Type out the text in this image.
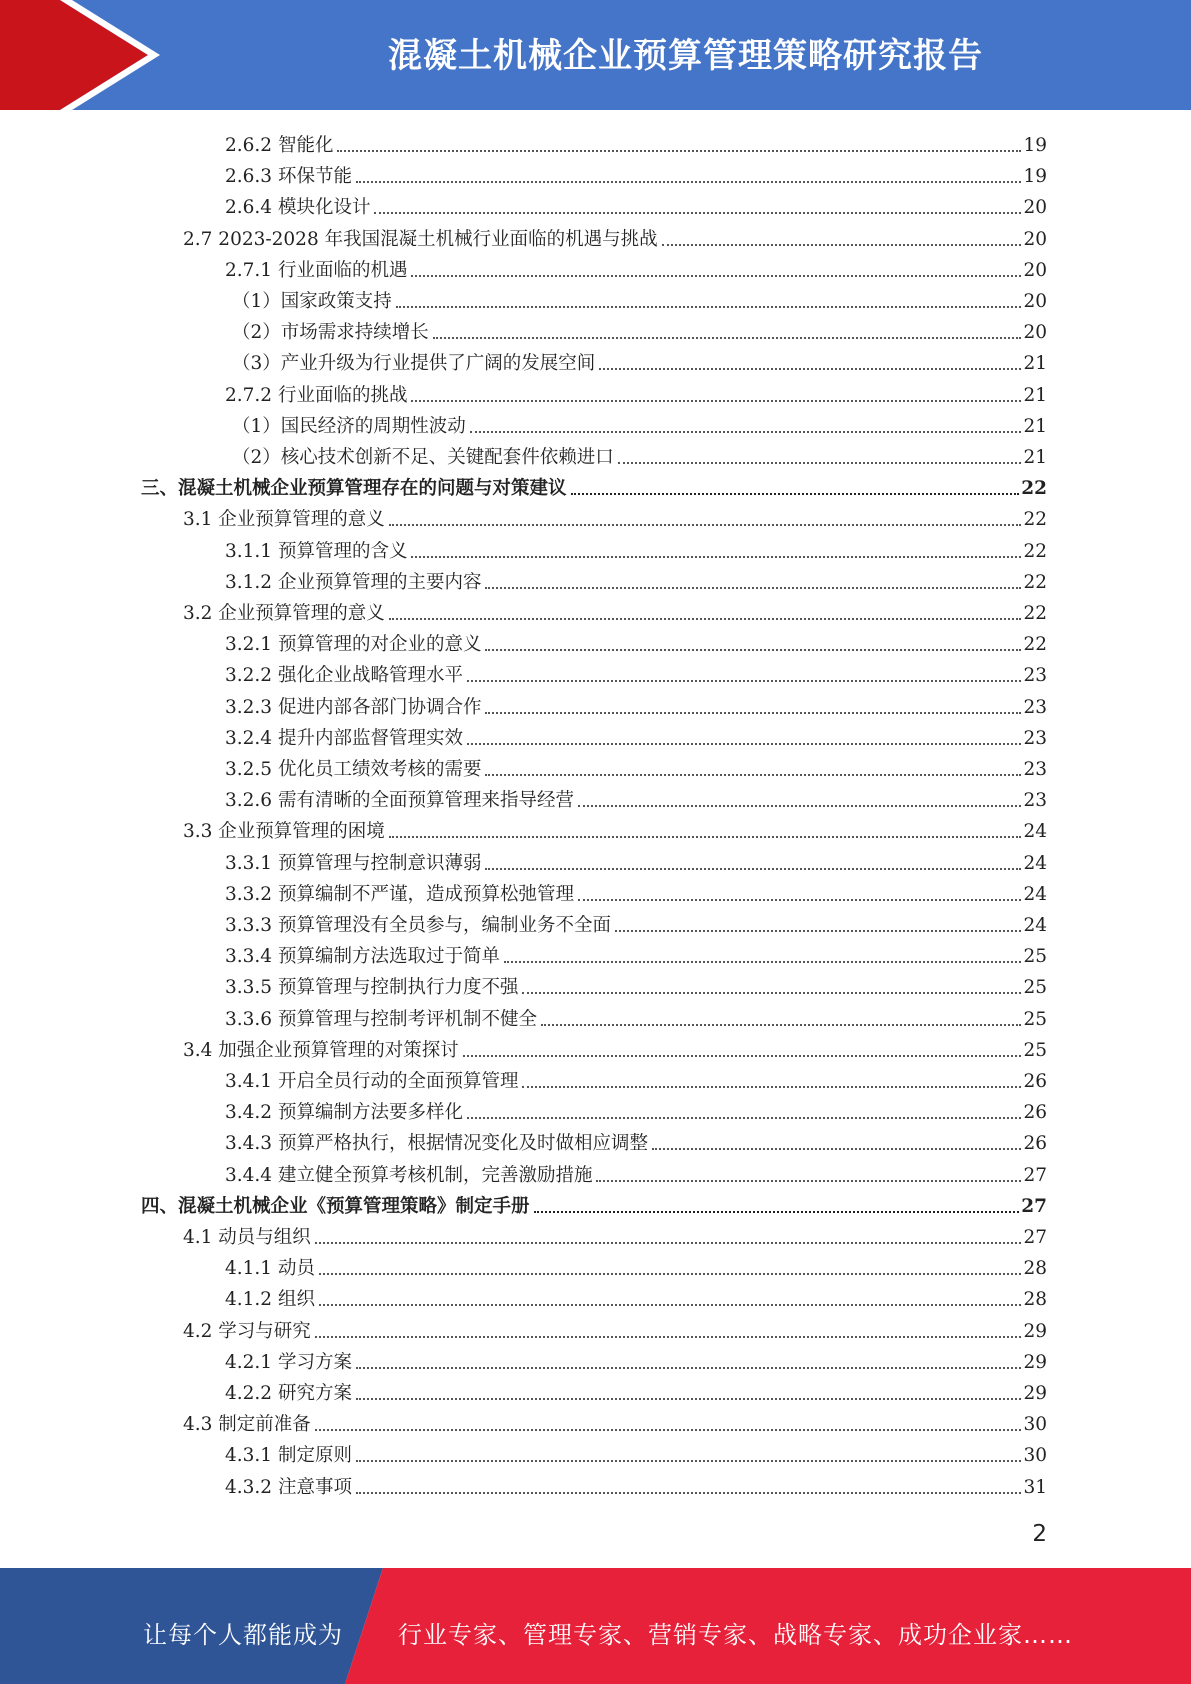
混凝土机械企业预算管理策略研究报告
2.6.2 智能化	19
2.6.3 环保节能	19
2.6.4 模块化设计	20
2.7 2023-2028 年我国混凝土机械行业面临的机遇与挑战	20
2.7.1 行业面临的机遇	20
（1）国家政策支持	20
（2）市场需求持续增长	20
（3）产业升级为行业提供了广阔的发展空间	21
2.7.2 行业面临的挑战	21
（1）国民经济的周期性波动	21
（2）核心技术创新不足、关键配套件依赖进口	21
三、混凝土机械企业预算管理存在的问题与对策建议	22
3.1 企业预算管理的意义	22
3.1.1 预算管理的含义	22
3.1.2 企业预算管理的主要内容	22
3.2 企业预算管理的意义	22
3.2.1 预算管理的对企业的意义	22
3.2.2 强化企业战略管理水平	23
3.2.3 促进内部各部门协调合作	23
3.2.4 提升内部监督管理实效	23
3.2.5 优化员工绩效考核的需要	23
3.2.6 需有清晰的全面预算管理来指导经营	23
3.3 企业预算管理的困境	24
3.3.1 预算管理与控制意识薄弱	24
3.3.2 预算编制不严谨，造成预算松弛管理	24
3.3.3 预算管理没有全员参与，编制业务不全面	24
3.3.4 预算编制方法选取过于简单	25
3.3.5 预算管理与控制执行力度不强	25
3.3.6 预算管理与控制考评机制不健全	25
3.4 加强企业预算管理的对策探讨	25
3.4.1 开启全员行动的全面预算管理	26
3.4.2 预算编制方法要多样化	26
3.4.3 预算严格执行，根据情况变化及时做相应调整	26
3.4.4 建立健全预算考核机制，完善激励措施	27
四、混凝土机械企业《预算管理策略》制定手册	27
4.1 动员与组织	27
4.1.1 动员	28
4.1.2 组织	28
4.2 学习与研究	29
4.2.1 学习方案	29
4.2.2 研究方案	29
4.3 制定前准备	30
4.3.1 制定原则	30
4.3.2 注意事项	31
2
让每个人都能成为 行业专家、管理专家、营销专家、战略专家、成功企业家……
